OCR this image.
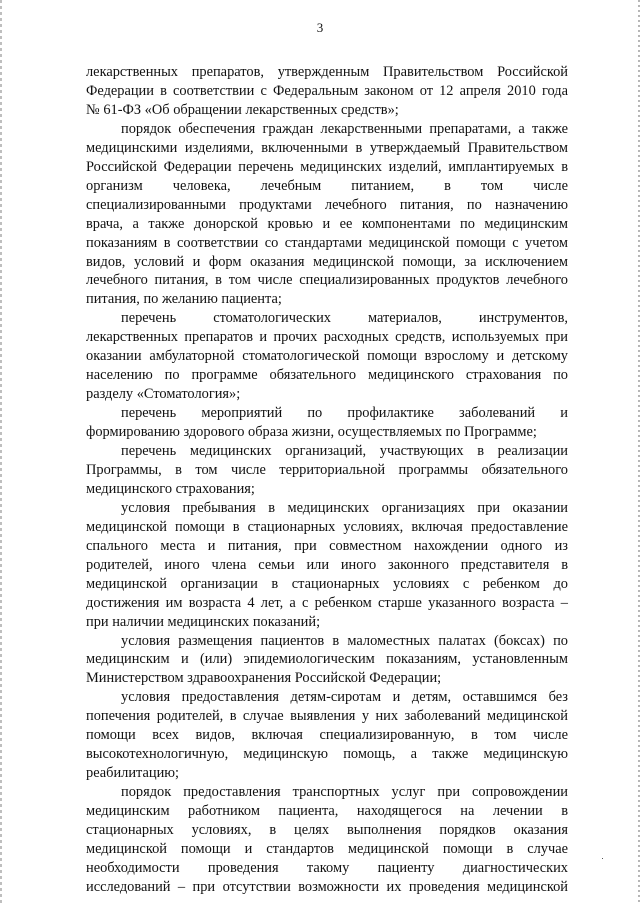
3
лекарственных препаратов, утвержденным Правительством Российской
Федерации в соответствии с Федеральным законом от 12 апреля 2010 года
№ 61-ФЗ «Об обращении лекарственных средств»;
порядок обеспечения граждан лекарственными препаратами, а также
медицинскими изделиями, включенными в утверждаемый Правительством
Российской Федерации перечень медицинских изделий, имплантируемых в
организм человека, лечебным питанием, в том числе
специализированными продуктами лечебного питания, по назначению
врача, а также донорской кровью и ее компонентами по медицинским
показаниям в соответствии со стандартами медицинской помощи с учетом
видов, условий и форм оказания медицинской помощи, за исключением
лечебного питания, в том числе специализированных продуктов лечебного
питания, по желанию пациента;
перечень стоматологических материалов, инструментов,
лекарственных препаратов и прочих расходных средств, используемых при
оказании амбулаторной стоматологической помощи взрослому и детскому
населению по программе обязательного медицинского страхования по
разделу «Стоматология»;
перечень мероприятий по профилактике заболеваний и
формированию здорового образа жизни, осуществляемых по Программе;
перечень медицинских организаций, участвующих в реализации
Программы, в том числе территориальной программы обязательного
медицинского страхования;
условия пребывания в медицинских организациях при оказании
медицинской помощи в стационарных условиях, включая предоставление
спального места и питания, при совместном нахождении одного из
родителей, иного члена семьи или иного законного представителя в
медицинской организации в стационарных условиях с ребенком до
достижения им возраста 4 лет, а с ребенком старше указанного возраста –
при наличии медицинских показаний;
условия размещения пациентов в маломестных палатах (боксах) по
медицинским и (или) эпидемиологическим показаниям, установленным
Министерством здравоохранения Российской Федерации;
условия предоставления детям-сиротам и детям, оставшимся без
попечения родителей, в случае выявления у них заболеваний медицинской
помощи всех видов, включая специализированную, в том числе
высокотехнологичную, медицинскую помощь, а также медицинскую
реабилитацию;
порядок предоставления транспортных услуг при сопровождении
медицинским работником пациента, находящегося на лечении в
стационарных условиях, в целях выполнения порядков оказания
медицинской помощи и стандартов медицинской помощи в случае
необходимости проведения такому пациенту диагностических
исследований – при отсутствии возможности их проведения медицинской
